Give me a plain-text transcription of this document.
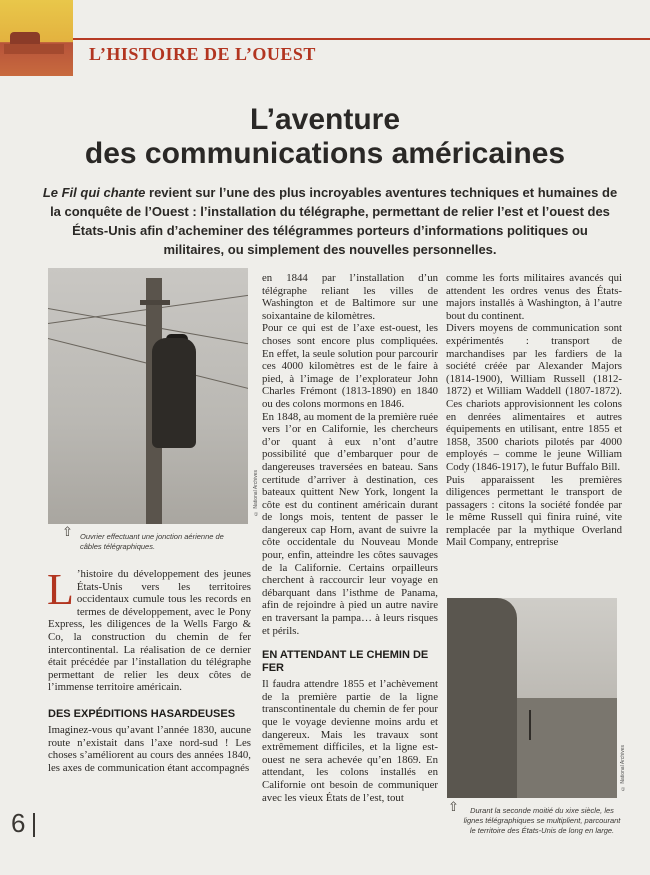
L’HISTOIRE DE L’OUEST
L’aventure
des communications américaines

Le Fil qui chante revient sur l’une des plus incroyables aventures techniques et humaines de la conquête de l’Ouest : l’installation du télégraphe, permettant de relier l’est et l’ouest des États-Unis afin d’acheminer des télégrammes porteurs d’informations politiques ou militaires, ou simplement des nouvelles personnelles.

© National Archives
⇧ Ouvrier effectuant une jonction aérienne de câbles télégraphiques.

L ’histoire du développement des jeunes États-Unis vers les territoires occidentaux cumule tous les records en termes de développement, avec le Pony Express, les diligences de la Wells Fargo & Co, la construction du chemin de fer intercontinental. La réalisation de ce dernier était précédée par l’installation du télégraphe permettant de relier les deux côtes de l’immense territoire américain.

DES EXPÉDITIONS HASARDEUSES

Imaginez-vous qu’avant l’année 1830, aucune route n’existait dans l’axe nord-sud ! Les choses s’améliorent au cours des années 1840, les axes de communication étant accompagnés

en 1844 par l’installation d’un télégraphe reliant les villes de Washington et de Baltimore sur une soixantaine de kilomètres.

Pour ce qui est de l’axe est-ouest, les choses sont encore plus compliquées. En effet, la seule solution pour parcourir ces 4000 kilomètres est de le faire à pied, à l’image de l’explorateur John Charles Frémont (1813-1890) en 1840 ou des colons mormons en 1846.

En 1848, au moment de la première ruée vers l’or en Californie, les chercheurs d’or quant à eux n’ont d’autre possibilité que d’embarquer pour de dangereuses traversées en bateau. Sans certitude d’arriver à destination, ces bateaux quittent New York, longent la côte est du continent américain durant de longs mois, tentent de passer le dangereux cap Horn, avant de suivre la côte occidentale du Nouveau Monde pour, enfin, atteindre les côtes sauvages de la Californie. Certains orpailleurs cherchent à raccourcir leur voyage en débarquant dans l’isthme de Panama, afin de rejoindre à pied un autre navire en traversant la pampa… à leurs risques et périls.

EN ATTENDANT LE CHEMIN DE FER

Il faudra attendre 1855 et l’achèvement de la première partie de la ligne transcontinentale du chemin de fer pour que le voyage devienne moins ardu et dangereux. Mais les travaux sont extrêmement difficiles, et la ligne est-ouest ne sera achevée qu’en 1869. En attendant, les colons installés en Californie ont besoin de communiquer avec les vieux États de l’est, tout

comme les forts militaires avancés qui attendent les ordres venus des États-majors installés à Washington, à l’autre bout du continent.

Divers moyens de communication sont expérimentés : transport de marchandises par les fardiers de la société créée par Alexander Majors (1814-1900), William Russell (1812-1872) et William Waddell (1807-1872). Ces chariots approvisionnent les colons en denrées alimentaires et autres équipements en utilisant, entre 1855 et 1858, 3500 chariots pilotés par 4000 employés – comme le jeune William Cody (1846-1917), le futur Buffalo Bill.

Puis apparaissent les premières diligences permettant le transport de passagers : citons la société fondée par le même Russell qui finira ruiné, vite remplacée par la mythique Overland Mail Company, entreprise

© National Archives
⇧	Durant la seconde moitié du xixe siècle, les lignes télégraphiques se multiplient, parcourant le territoire des États-Unis de long en large.
6
